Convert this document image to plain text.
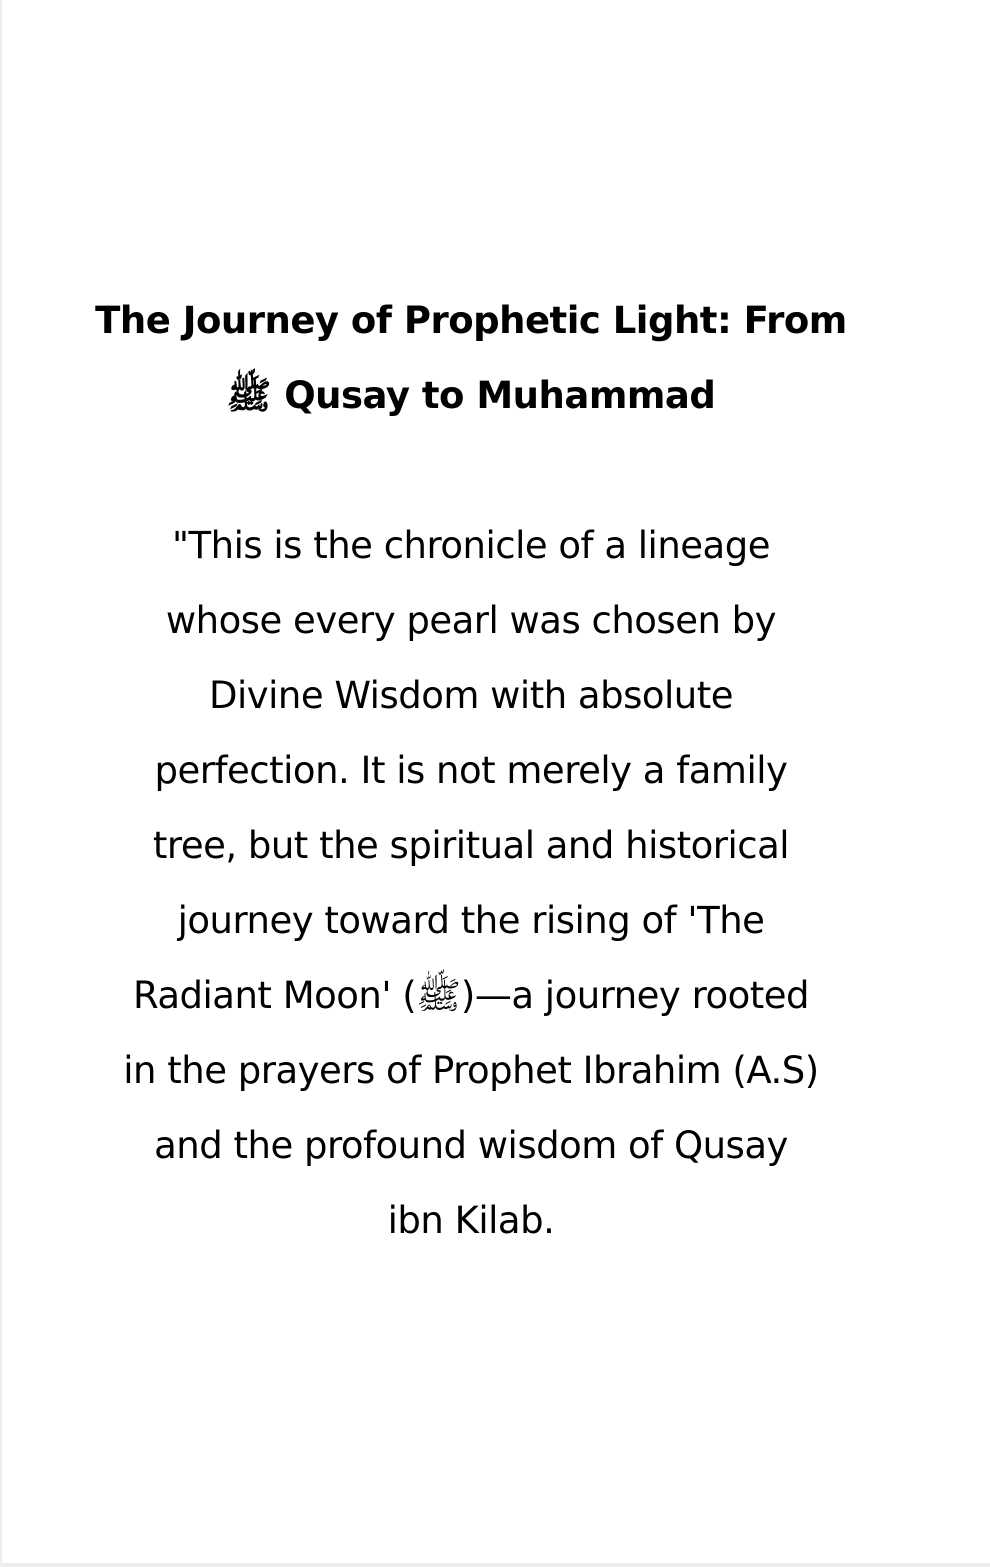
The Journey of Prophetic Light: From
ﷺ Qusay to Muhammad

"This is the chronicle of a lineage
whose every pearl was chosen by
Divine Wisdom with absolute
perfection. It is not merely a family
tree, but the spiritual and historical
journey toward the rising of 'The
Radiant Moon' (ﷺ)—a journey rooted
in the prayers of Prophet Ibrahim (A.S)
and the profound wisdom of Qusay
ibn Kilab.
